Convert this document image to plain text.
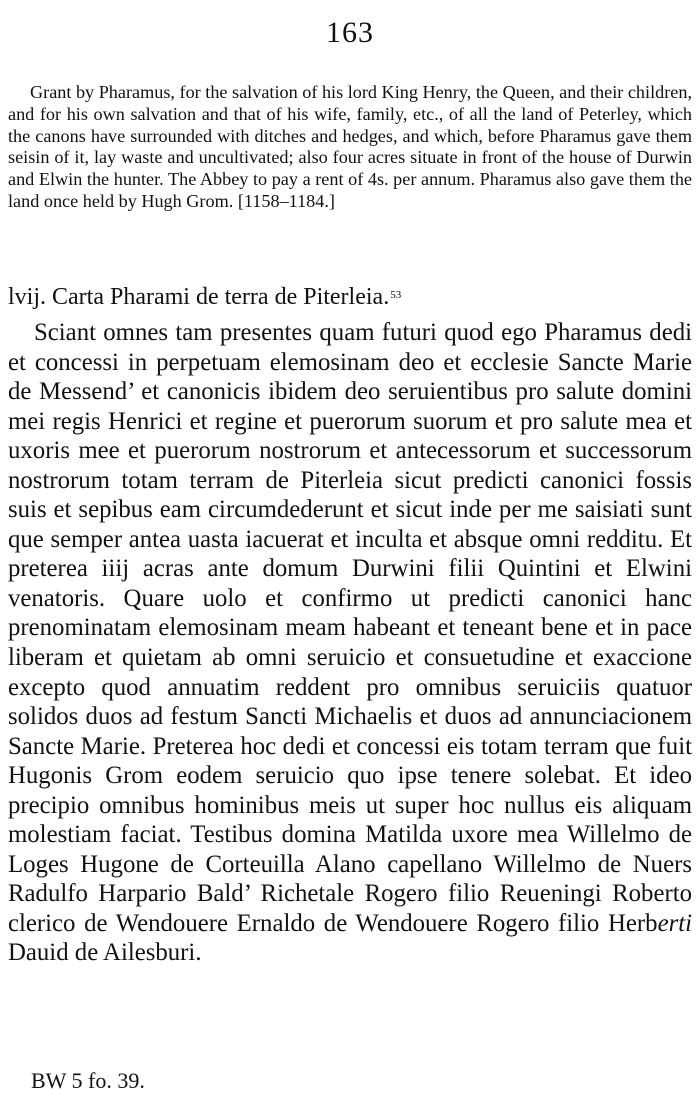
163

Grant by Pharamus, for the salvation of his lord King Henry, the Queen, and their children, and for his own salvation and that of his wife, family, etc., of all the land of Peterley, which the canons have surrounded with ditches and hedges, and which, before Pharamus gave them seisin of it, lay waste and uncultivated; also four acres situate in front of the house of Durwin and Elwin the hunter. The Abbey to pay a rent of 4s. per annum. Pharamus also gave them the land once held by Hugh Grom. [1158–1184.]

lvij. Carta Pharami de terra de Piterleia.$^{53}$

Sciant omnes tam presentes quam futuri quod ego Pharamus dedi et concessi in perpetuam elemosinam deo et ecclesie Sancte Marie de Messend’ et canonicis ibidem deo seruientibus pro salute domini mei regis Henrici et regine et puerorum suorum et pro salute mea et uxoris mee et puerorum nostrorum et antecessorum et successorum nostrorum totam terram de Piterleia sicut predicti canonici fossis suis et sepibus eam circumdederunt et sicut inde per me saisiati sunt que semper antea uasta iacuerat et inculta et absque omni redditu. Et preterea iiij acras ante domum Durwini filii Quintini et Elwini venatoris. Quare uolo et confirmo ut predicti canonici hanc prenominatam elemosinam meam habeant et teneant bene et in pace liberam et quietam ab omni seruicio et consuetudine et exaccione excepto quod annuatim reddent pro omnibus seruiciis quatuor solidos duos ad festum Sancti Michaelis et duos ad annunciacionem Sancte Marie. Preterea hoc dedi et concessi eis totam terram que fuit Hugonis Grom eodem seruicio quo ipse tenere solebat. Et ideo precipio omnibus hominibus meis ut super hoc nullus eis aliquam molestiam faciat. Testibus domina Matilda uxore mea Willelmo de Loges Hugone de Corteuilla Alano capellano Willelmo de Nuers Radulfo Harpario Bald’ Richetale Rogero filio Reueningi Roberto clerico de Wendouere Ernaldo de Wendouere Rogero filio Herberti Dauid de Ailesburi.

BW 5 fo. 39.
